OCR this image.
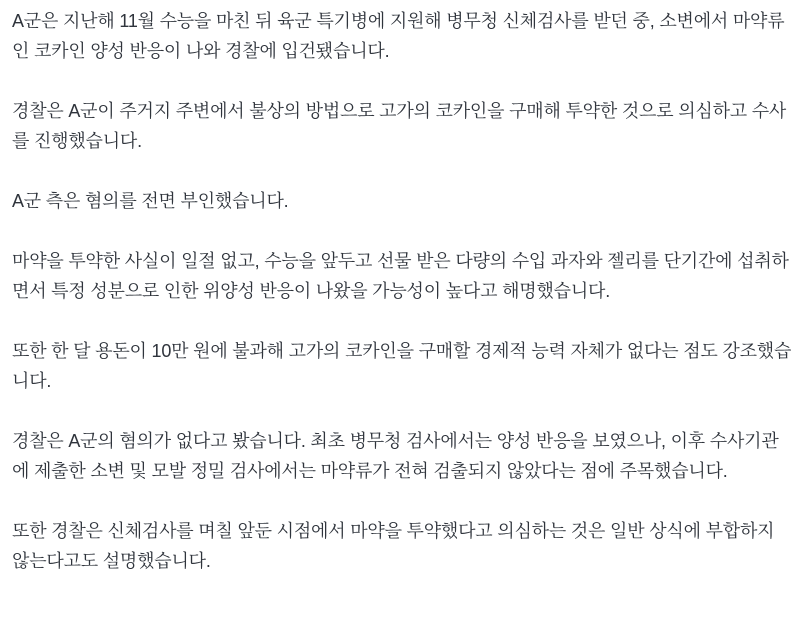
A군은 지난해 11월 수능을 마친 뒤 육군 특기병에 지원해 병무청 신체검사를 받던 중, 소변에서 마약류인 코카인 양성 반응이 나와 경찰에 입건됐습니다.

경찰은 A군이 주거지 주변에서 불상의 방법으로 고가의 코카인을 구매해 투약한 것으로 의심하고 수사를 진행했습니다.

A군 측은 혐의를 전면 부인했습니다.

마약을 투약한 사실이 일절 없고, 수능을 앞두고 선물 받은 다량의 수입 과자와 젤리를 단기간에 섭취하면서 특정 성분으로 인한 위양성 반응이 나왔을 가능성이 높다고 해명했습니다.

또한 한 달 용돈이 10만 원에 불과해 고가의 코카인을 구매할 경제적 능력 자체가 없다는 점도 강조했습니다.

경찰은 A군의 혐의가 없다고 봤습니다. 최초 병무청 검사에서는 양성 반응을 보였으나, 이후 수사기관에 제출한 소변 및 모발 정밀 검사에서는 마약류가 전혀 검출되지 않았다는 점에 주목했습니다.

또한 경찰은 신체검사를 며칠 앞둔 시점에서 마약을 투약했다고 의심하는 것은 일반 상식에 부합하지 않는다고도 설명했습니다.
